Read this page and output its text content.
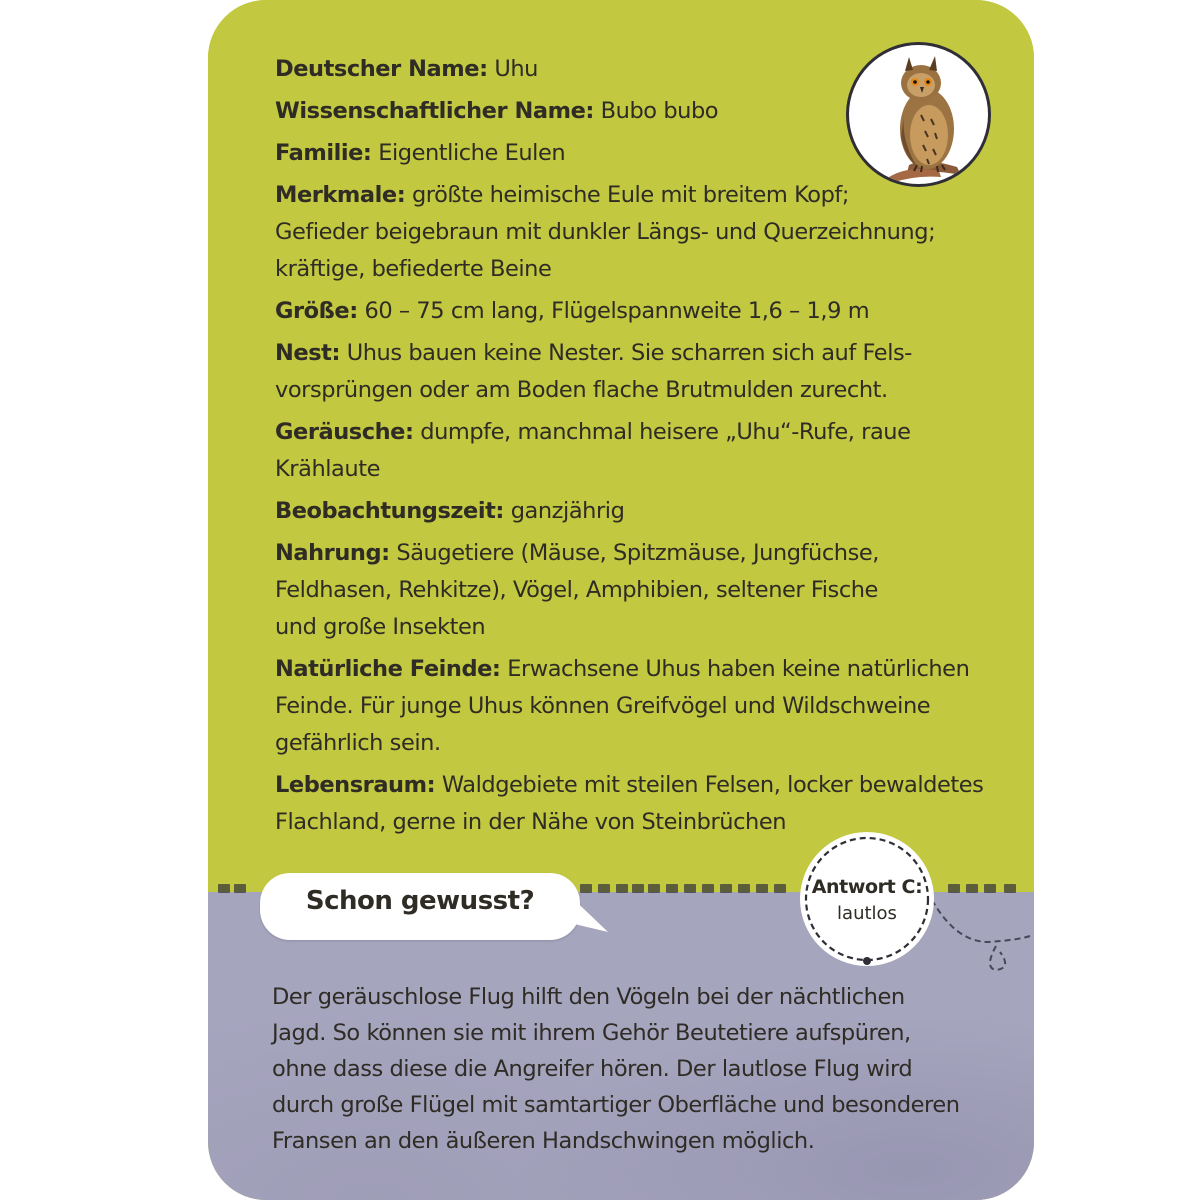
Deutscher Name: Uhu
Wissenschaftlicher Name: Bubo bubo
Familie: Eigentliche Eulen
Merkmale: größte heimische Eule mit breitem Kopf;
Gefieder beigebraun mit dunkler Längs- und Querzeichnung;
kräftige, befiederte Beine
Größe: 60 – 75 cm lang, Flügelspannweite 1,6 – 1,9 m
Nest: Uhus bauen keine Nester. Sie scharren sich auf Fels-
vorsprüngen oder am Boden flache Brutmulden zurecht.
Geräusche: dumpfe, manchmal heisere „Uhu“-Rufe, raue
Krählaute
Beobachtungszeit: ganzjährig
Nahrung: Säugetiere (Mäuse, Spitzmäuse, Jungfüchse,
Feldhasen, Rehkitze), Vögel, Amphibien, seltener Fische
und große Insekten
Natürliche Feinde: Erwachsene Uhus haben keine natürlichen
Feinde. Für junge Uhus können Greifvögel und Wildschweine
gefährlich sein.
Lebensraum: Waldgebiete mit steilen Felsen, locker bewaldetes
Flachland, gerne in der Nähe von Steinbrüchen
Schon gewusst?	Antwort C:
lautlos
Der geräuschlose Flug hilft den Vögeln bei der nächtlichen
Jagd. So können sie mit ihrem Gehör Beutetiere aufspüren,
ohne dass diese die Angreifer hören. Der lautlose Flug wird
durch große Flügel mit samtartiger Oberfläche und besonderen
Fransen an den äußeren Handschwingen möglich.
